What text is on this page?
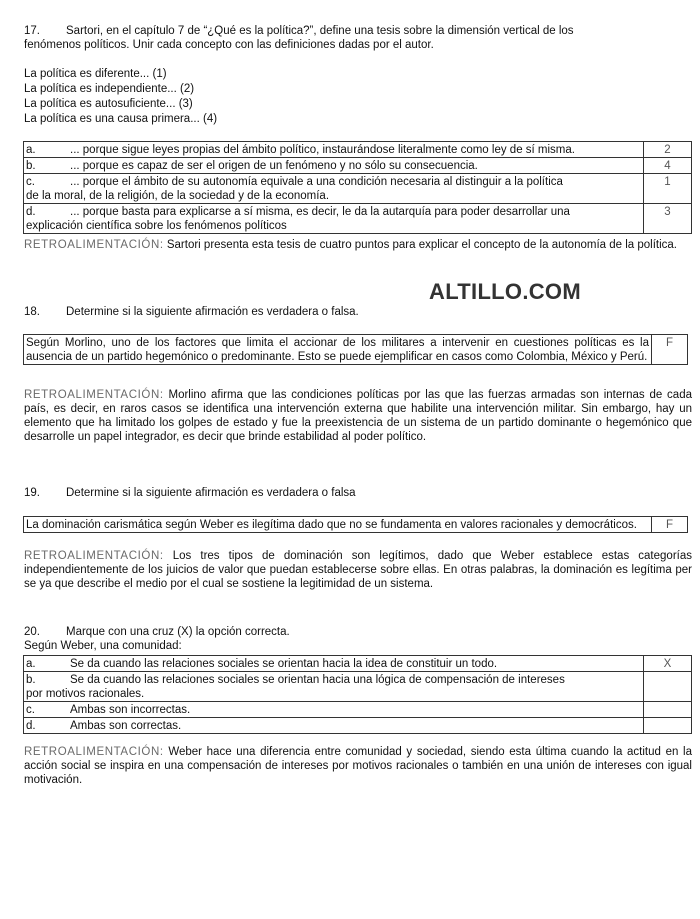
17. Sartori, en el capítulo 7 de “¿Qué es la política?”, define una tesis sobre la dimensión vertical de los
fenómenos políticos. Unir cada concepto con las definiciones dadas por el autor.
La política es diferente... (1)
La política es independiente... (2)
La política es autosuficiente... (3)
La política es una causa primera... (4)
a. ... porque sigue leyes propias del ámbito político, instaurándose literalmente como ley de sí misma.	2
b. ... porque es capaz de ser el origen de un fenómeno y no sólo su consecuencia.	4
c. ... porque el ámbito de su autonomía equivale a una condición necesaria al distinguir a la política
de la moral, de la religión, de la sociedad y de la economía.	1
d. ... porque basta para explicarse a sí misma, es decir, le da la autarquía para poder desarrollar una
explicación científica sobre los fenómenos políticos	3
RETROALIMENTACIÓN: Sartori presenta esta tesis de cuatro puntos para explicar el concepto de la autonomía de la política.
18. Determine si la siguiente afirmación es verdadera o falsa.
ALTILLO.COM
Según Morlino, uno de los factores que limita el accionar de los militares a intervenir en cuestiones políticas es la ausencia de un partido hegemónico o predominante. Esto se puede ejemplificar en casos como Colombia, México y Perú.	F
RETROALIMENTACIÓN: Morlino afirma que las condiciones políticas por las que las fuerzas armadas son internas de cada país, es decir, en raros casos se identifica una intervención externa que habilite una intervención militar. Sin embargo, hay un elemento que ha limitado los golpes de estado y fue la preexistencia de un sistema de un partido dominante o hegemónico que desarrolle un papel integrador, es decir que brinde estabilidad al poder político.
19. Determine si la siguiente afirmación es verdadera o falsa
La dominación carismática según Weber es ilegítima dado que no se fundamenta en valores racionales y democráticos.	F
RETROALIMENTACIÓN: Los tres tipos de dominación son legítimos, dado que Weber establece estas categorías independientemente de los juicios de valor que puedan establecerse sobre ellas. En otras palabras, la dominación es legítima per se ya que describe el medio por el cual se sostiene la legitimidad de un sistema.
20. Marque con una cruz (X) la opción correcta.
Según Weber, una comunidad:
a. Se da cuando las relaciones sociales se orientan hacia la idea de constituir un todo.	X
b. Se da cuando las relaciones sociales se orientan hacia una lógica de compensación de intereses
por motivos racionales.	
c. Ambas son incorrectas.	
d. Ambas son correctas.	
RETROALIMENTACIÓN: Weber hace una diferencia entre comunidad y sociedad, siendo esta última cuando la actitud en la acción social se inspira en una compensación de intereses por motivos racionales o también en una unión de intereses con igual motivación.
